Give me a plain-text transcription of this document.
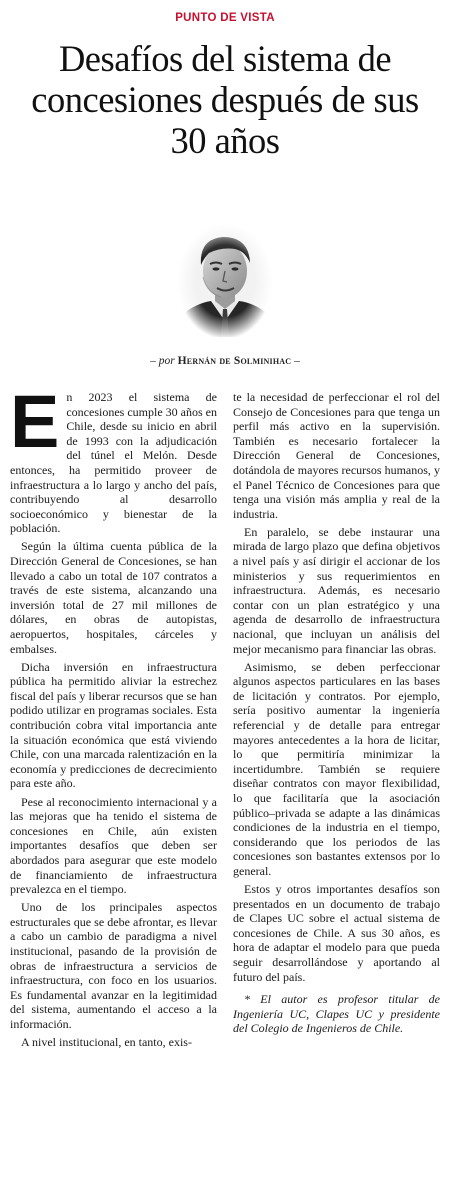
PUNTO DE VISTA
Desafíos del sistema de concesiones después de sus 30 años
– por Hernán de Solminihac –

En 2023 el sistema de concesiones cumple 30 años en Chile, desde su inicio en abril de 1993 con la adjudicación del túnel el Melón. Desde entonces, ha permitido proveer de infraestructura a lo largo y ancho del país, contribuyendo al desarrollo socioeconómico y bienestar de la población.

Según la última cuenta pública de la Dirección General de Concesiones, se han llevado a cabo un total de 107 contratos a través de este sistema, alcanzando una inversión total de 27 mil millones de dólares, en obras de autopistas, aeropuertos, hospitales, cárceles y embalses.

Dicha inversión en infraestructura pública ha permitido aliviar la estrechez fiscal del país y liberar recursos que se han podido utilizar en programas sociales. Esta contribución cobra vital importancia ante la situación económica que está viviendo Chile, con una marcada ralentización en la economía y predicciones de decrecimiento para este año.

Pese al reconocimiento internacional y a las mejoras que ha tenido el sistema de concesiones en Chile, aún existen importantes desafíos que deben ser abordados para asegurar que este modelo de financiamiento de infraestructura prevalezca en el tiempo.

Uno de los principales aspectos estructurales que se debe afrontar, es llevar a cabo un cambio de paradigma a nivel institucional, pasando de la provisión de obras de infraestructura a servicios de infraestructura, con foco en los usuarios. Es fundamental avanzar en la legitimidad del sistema, aumentando el acceso a la información.

A nivel institucional, en tanto, exis-

te la necesidad de perfeccionar el rol del Consejo de Concesiones para que tenga un perfil más activo en la supervisión. También es necesario fortalecer la Dirección General de Concesiones, dotándola de mayores recursos humanos, y el Panel Técnico de Concesiones para que tenga una visión más amplia y real de la industria.

En paralelo, se debe instaurar una mirada de largo plazo que defina objetivos a nivel país y así dirigir el accionar de los ministerios y sus requerimientos en infraestructura. Además, es necesario contar con un plan estratégico y una agenda de desarrollo de infraestructura nacional, que incluyan un análisis del mejor mecanismo para financiar las obras.

Asimismo, se deben perfeccionar algunos aspectos particulares en las bases de licitación y contratos. Por ejemplo, sería positivo aumentar la ingeniería referencial y de detalle para entregar mayores antecedentes a la hora de licitar, lo que permitiría minimizar la incertidumbre. También se requiere diseñar contratos con mayor flexibilidad, lo que facilitaría que la asociación público–privada se adapte a las dinámicas condiciones de la industria en el tiempo, considerando que los periodos de las concesiones son bastantes extensos por lo general.

Estos y otros importantes desafíos son presentados en un documento de trabajo de Clapes UC sobre el actual sistema de concesiones de Chile. A sus 30 años, es hora de adaptar el modelo para que pueda seguir desarrollándose y aportando al futuro del país.

* El autor es profesor titular de Ingeniería UC, Clapes UC y presidente del Colegio de Ingenieros de Chile.
